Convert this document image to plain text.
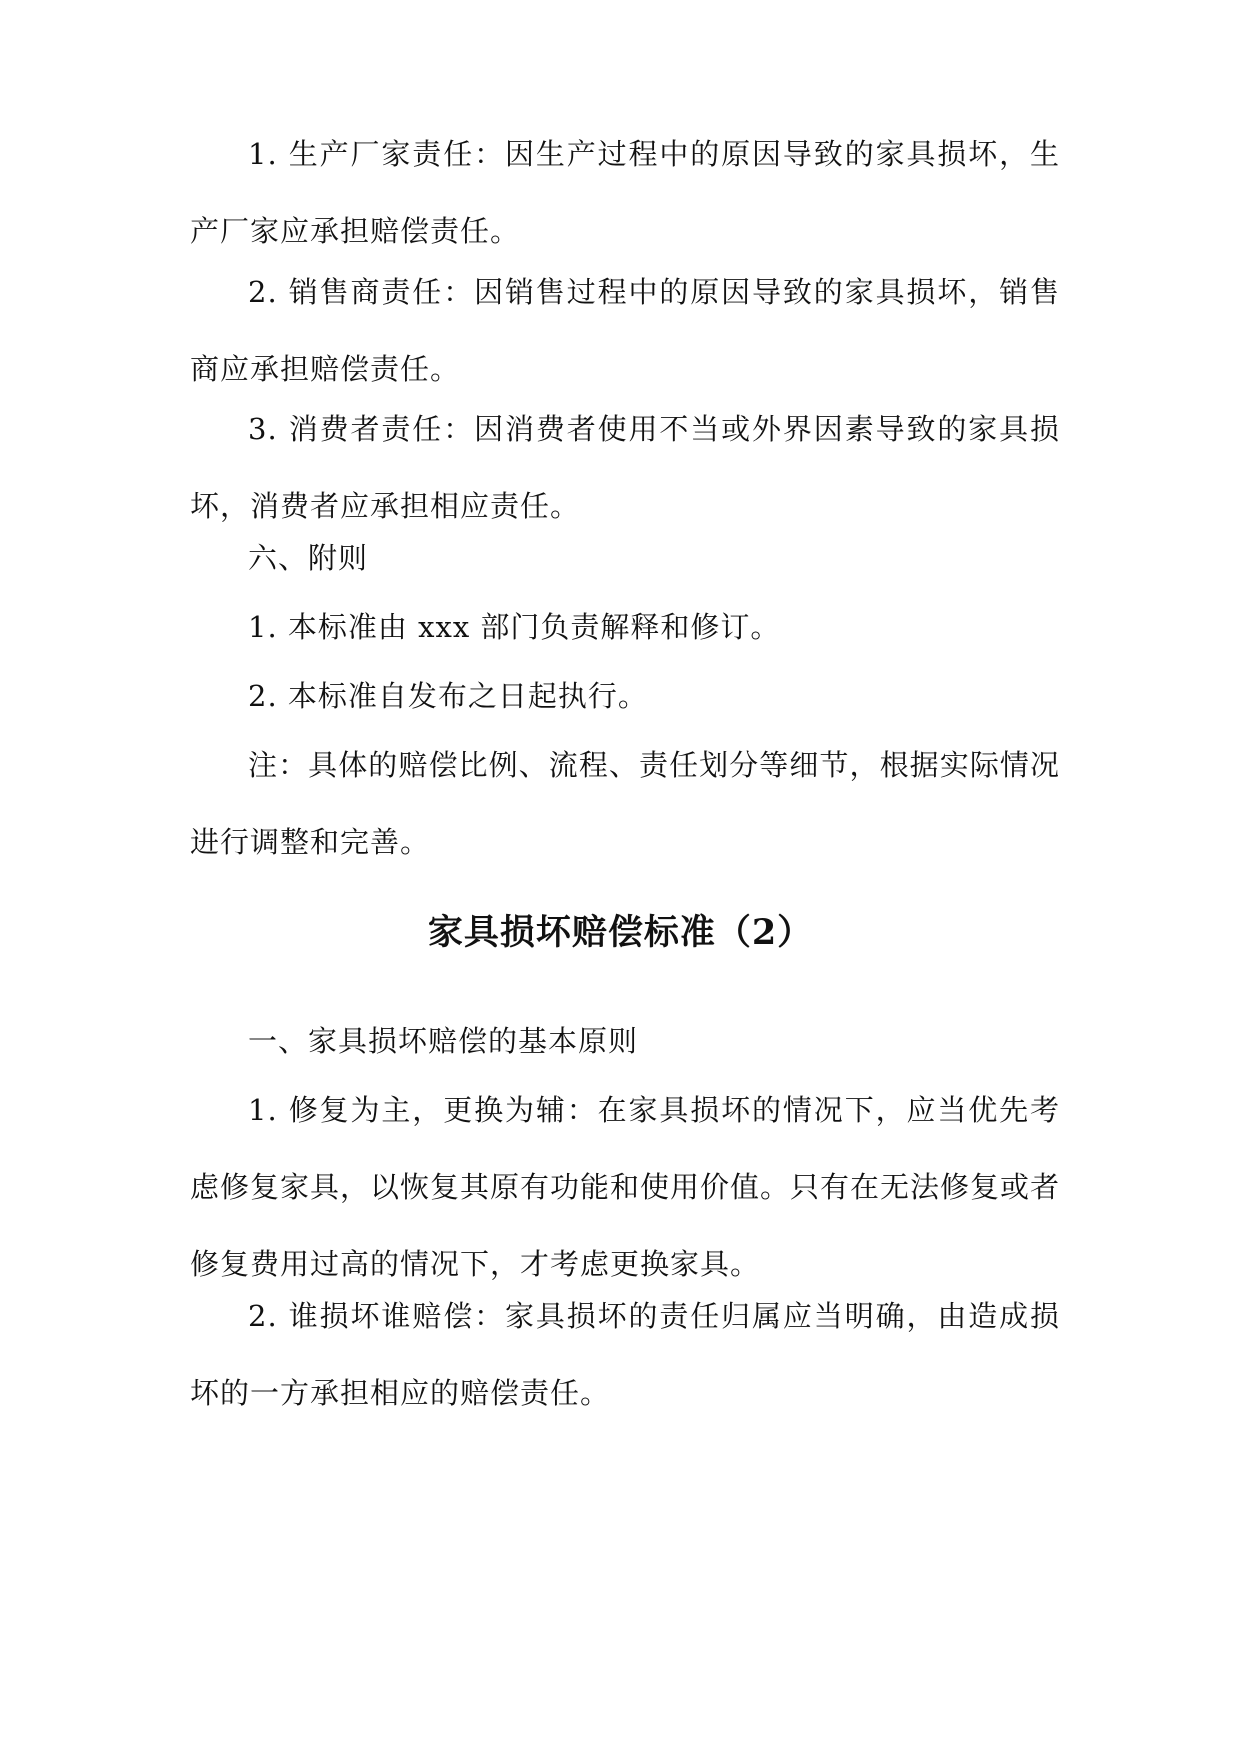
1. 生产厂家责任：因生产过程中的原因导致的家具损坏，生产厂家应承担赔偿责任。

2. 销售商责任：因销售过程中的原因导致的家具损坏，销售商应承担赔偿责任。

3. 消费者责任：因消费者使用不当或外界因素导致的家具损坏，消费者应承担相应责任。

六、附则

1. 本标准由 xxx 部门负责解释和修订。

2. 本标准自发布之日起执行。

注：具体的赔偿比例、流程、责任划分等细节，根据实际情况进行调整和完善。

家具损坏赔偿标准（2）

一、家具损坏赔偿的基本原则

1. 修复为主，更换为辅：在家具损坏的情况下，应当优先考虑修复家具，以恢复其原有功能和使用价值。只有在无法修复或者修复费用过高的情况下，才考虑更换家具。

2. 谁损坏谁赔偿：家具损坏的责任归属应当明确，由造成损坏的一方承担相应的赔偿责任。
